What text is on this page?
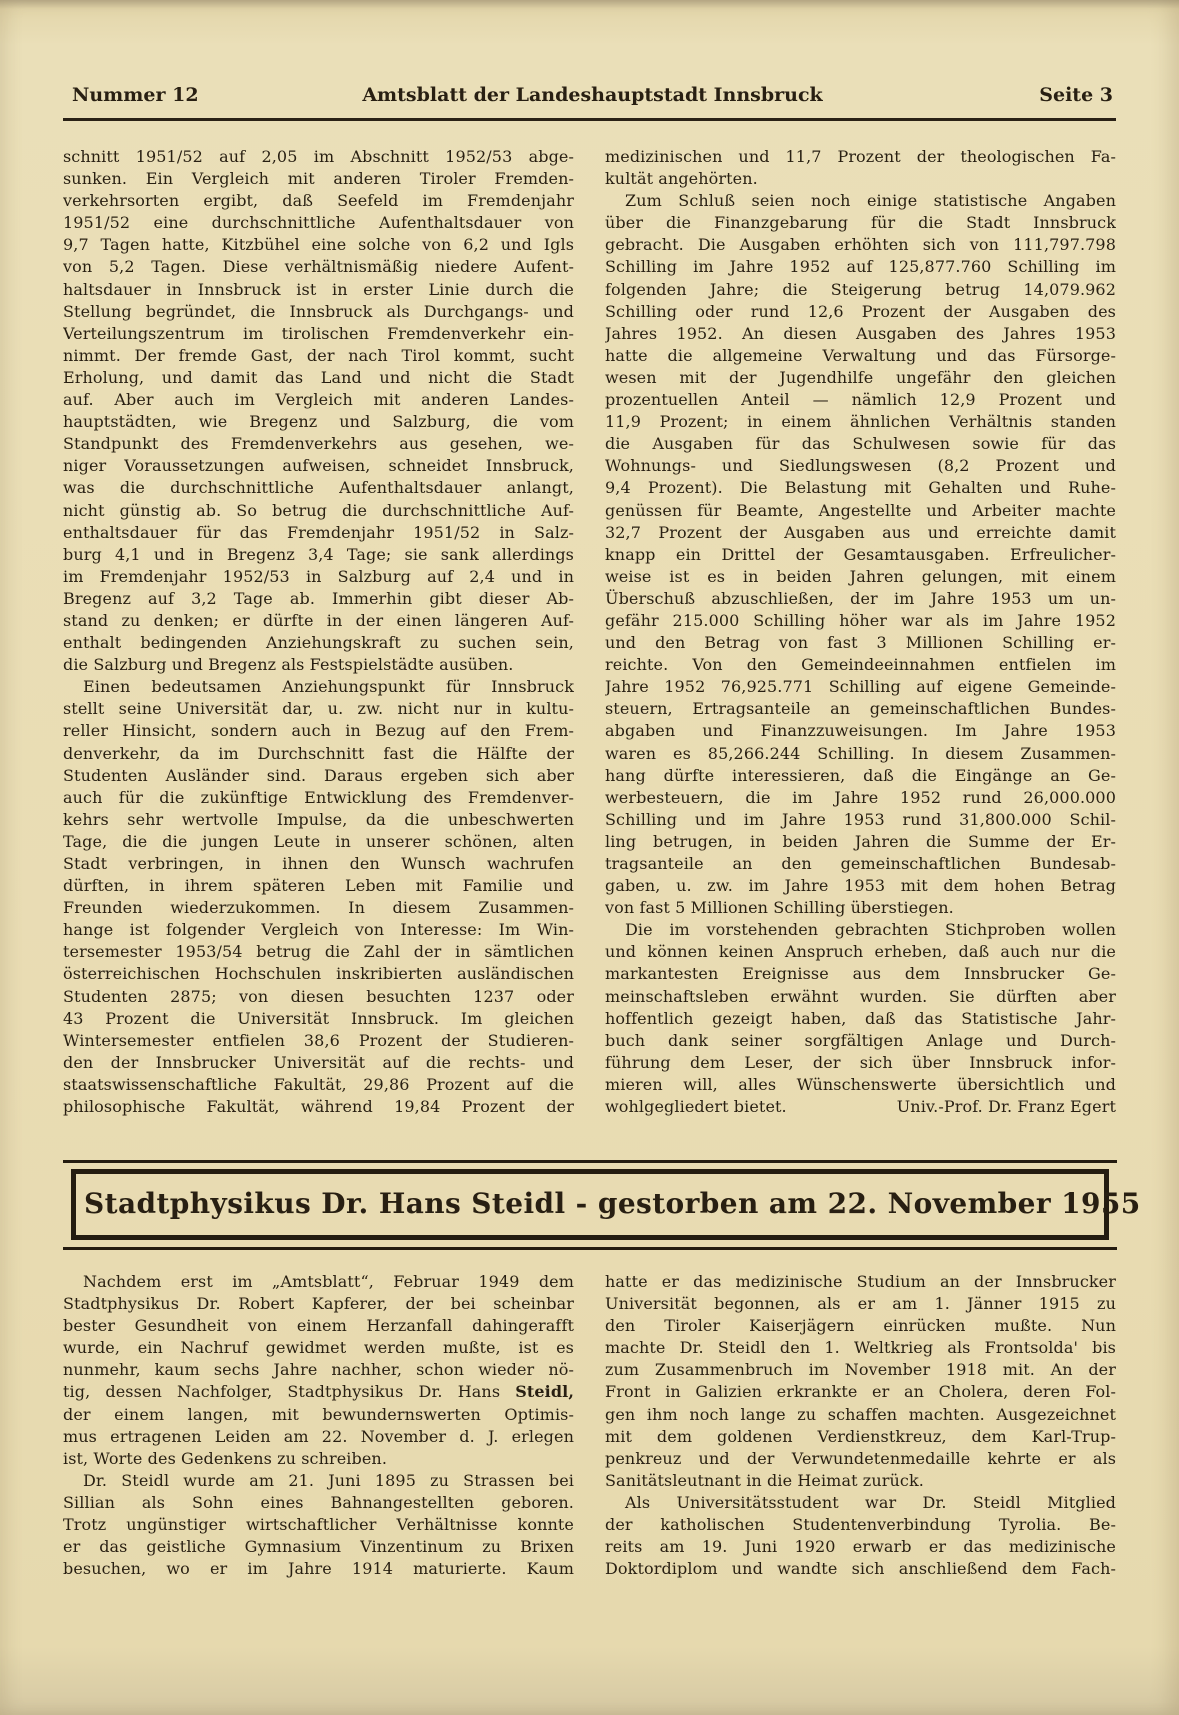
Nummer 12	Amtsblatt der Landeshauptstadt Innsbruck	Seite 3
schnitt 1951/52 auf 2,05 im Abschnitt 1952/53 abge-
sunken. Ein Vergleich mit anderen Tiroler Fremden-
verkehrsorten ergibt, daß Seefeld im Fremdenjahr
1951/52 eine durchschnittliche Aufenthaltsdauer von
9,7 Tagen hatte, Kitzbühel eine solche von 6,2 und Igls
von 5,2 Tagen. Diese verhältnismäßig niedere Aufent-
haltsdauer in Innsbruck ist in erster Linie durch die
Stellung begründet, die Innsbruck als Durchgangs- und
Verteilungszentrum im tirolischen Fremdenverkehr ein-
nimmt. Der fremde Gast, der nach Tirol kommt, sucht
Erholung, und damit das Land und nicht die Stadt
auf. Aber auch im Vergleich mit anderen Landes-
hauptstädten, wie Bregenz und Salzburg, die vom
Standpunkt des Fremdenverkehrs aus gesehen, we-
niger Voraussetzungen aufweisen, schneidet Innsbruck,
was die durchschnittliche Aufenthaltsdauer anlangt,
nicht günstig ab. So betrug die durchschnittliche Auf-
enthaltsdauer für das Fremdenjahr 1951/52 in Salz-
burg 4,1 und in Bregenz 3,4 Tage; sie sank allerdings
im Fremdenjahr 1952/53 in Salzburg auf 2,4 und in
Bregenz auf 3,2 Tage ab. Immerhin gibt dieser Ab-
stand zu denken; er dürfte in der einen längeren Auf-
enthalt bedingenden Anziehungskraft zu suchen sein,
die Salzburg und Bregenz als Festspielstädte ausüben.
Einen bedeutsamen Anziehungspunkt für Innsbruck
stellt seine Universität dar, u. zw. nicht nur in kultu-
reller Hinsicht, sondern auch in Bezug auf den Frem-
denverkehr, da im Durchschnitt fast die Hälfte der
Studenten Ausländer sind. Daraus ergeben sich aber
auch für die zukünftige Entwicklung des Fremdenver-
kehrs sehr wertvolle Impulse, da die unbeschwerten
Tage, die die jungen Leute in unserer schönen, alten
Stadt verbringen, in ihnen den Wunsch wachrufen
dürften, in ihrem späteren Leben mit Familie und
Freunden wiederzukommen. In diesem Zusammen-
hange ist folgender Vergleich von Interesse: Im Win-
tersemester 1953/54 betrug die Zahl der in sämtlichen
österreichischen Hochschulen inskribierten ausländischen
Studenten 2875; von diesen besuchten 1237 oder
43 Prozent die Universität Innsbruck. Im gleichen
Wintersemester entfielen 38,6 Prozent der Studieren-
den der Innsbrucker Universität auf die rechts- und
staatswissenschaftliche Fakultät, 29,86 Prozent auf die
philosophische Fakultät, während 19,84 Prozent der
medizinischen und 11,7 Prozent der theologischen Fa-
kultät angehörten.
Zum Schluß seien noch einige statistische Angaben
über die Finanzgebarung für die Stadt Innsbruck
gebracht. Die Ausgaben erhöhten sich von 111,797.798
Schilling im Jahre 1952 auf 125,877.760 Schilling im
folgenden Jahre; die Steigerung betrug 14,079.962
Schilling oder rund 12,6 Prozent der Ausgaben des
Jahres 1952. An diesen Ausgaben des Jahres 1953
hatte die allgemeine Verwaltung und das Fürsorge-
wesen mit der Jugendhilfe ungefähr den gleichen
prozentuellen Anteil — nämlich 12,9 Prozent und
11,9 Prozent; in einem ähnlichen Verhältnis standen
die Ausgaben für das Schulwesen sowie für das
Wohnungs- und Siedlungswesen (8,2 Prozent und
9,4 Prozent). Die Belastung mit Gehalten und Ruhe-
genüssen für Beamte, Angestellte und Arbeiter machte
32,7 Prozent der Ausgaben aus und erreichte damit
knapp ein Drittel der Gesamtausgaben. Erfreulicher-
weise ist es in beiden Jahren gelungen, mit einem
Überschuß abzuschließen, der im Jahre 1953 um un-
gefähr 215.000 Schilling höher war als im Jahre 1952
und den Betrag von fast 3 Millionen Schilling er-
reichte. Von den Gemeindeeinnahmen entfielen im
Jahre 1952 76,925.771 Schilling auf eigene Gemeinde-
steuern, Ertragsanteile an gemeinschaftlichen Bundes-
abgaben und Finanzzuweisungen. Im Jahre 1953
waren es 85,266.244 Schilling. In diesem Zusammen-
hang dürfte interessieren, daß die Eingänge an Ge-
werbesteuern, die im Jahre 1952 rund 26,000.000
Schilling und im Jahre 1953 rund 31,800.000 Schil-
ling betrugen, in beiden Jahren die Summe der Er-
tragsanteile an den gemeinschaftlichen Bundesab-
gaben, u. zw. im Jahre 1953 mit dem hohen Betrag
von fast 5 Millionen Schilling überstiegen.
Die im vorstehenden gebrachten Stichproben wollen
und können keinen Anspruch erheben, daß auch nur die
markantesten Ereignisse aus dem Innsbrucker Ge-
meinschaftsleben erwähnt wurden. Sie dürften aber
hoffentlich gezeigt haben, daß das Statistische Jahr-
buch dank seiner sorgfältigen Anlage und Durch-
führung dem Leser, der sich über Innsbruck infor-
mieren will, alles Wünschenswerte übersichtlich und
wohlgegliedert bietet.	Univ.-Prof. Dr. Franz Egert
Stadtphysikus Dr. Hans Steidl - gestorben am 22. November 1955
Nachdem erst im „Amtsblatt“, Februar 1949 dem
Stadtphysikus Dr. Robert Kapferer, der bei scheinbar
bester Gesundheit von einem Herzanfall dahingerafft
wurde, ein Nachruf gewidmet werden mußte, ist es
nunmehr, kaum sechs Jahre nachher, schon wieder nö-
tig, dessen Nachfolger, Stadtphysikus Dr. Hans Steidl,
der einem langen, mit bewundernswerten Optimis-
mus ertragenen Leiden am 22. November d. J. erlegen
ist, Worte des Gedenkens zu schreiben.
Dr. Steidl wurde am 21. Juni 1895 zu Strassen bei
Sillian als Sohn eines Bahnangestellten geboren.
Trotz ungünstiger wirtschaftlicher Verhältnisse konnte
er das geistliche Gymnasium Vinzentinum zu Brixen
besuchen, wo er im Jahre 1914 maturierte. Kaum
hatte er das medizinische Studium an der Innsbrucker
Universität begonnen, als er am 1. Jänner 1915 zu
den Tiroler Kaiserjägern einrücken mußte. Nun
machte Dr. Steidl den 1. Weltkrieg als Frontsolda' bis
zum Zusammenbruch im November 1918 mit. An der
Front in Galizien erkrankte er an Cholera, deren Fol-
gen ihm noch lange zu schaffen machten. Ausgezeichnet
mit dem goldenen Verdienstkreuz, dem Karl-Trup-
penkreuz und der Verwundetenmedaille kehrte er als
Sanitätsleutnant in die Heimat zurück.
Als Universitätsstudent war Dr. Steidl Mitglied
der katholischen Studentenverbindung Tyrolia. Be-
reits am 19. Juni 1920 erwarb er das medizinische
Doktordiplom und wandte sich anschließend dem Fach-
